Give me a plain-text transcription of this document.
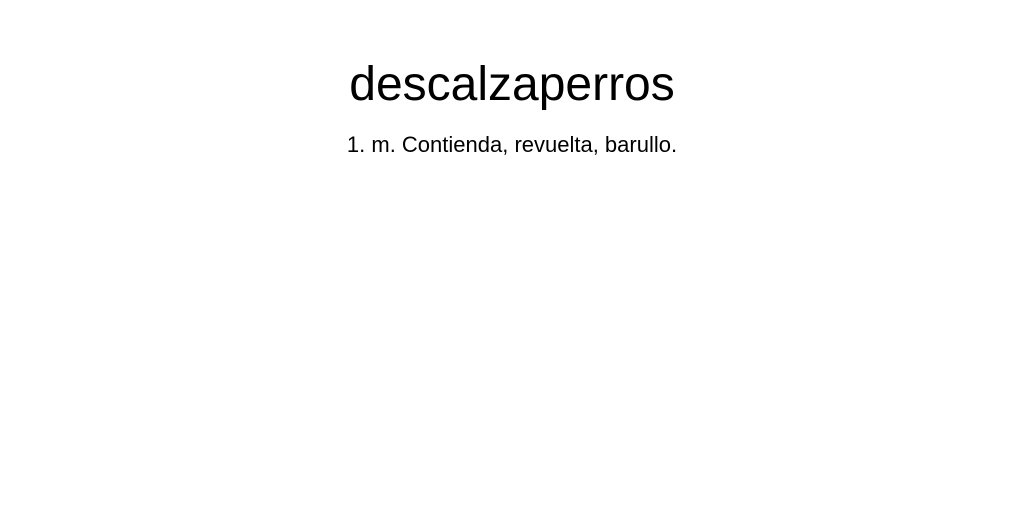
descalzaperros

1. m. Contienda, revuelta, barullo.
